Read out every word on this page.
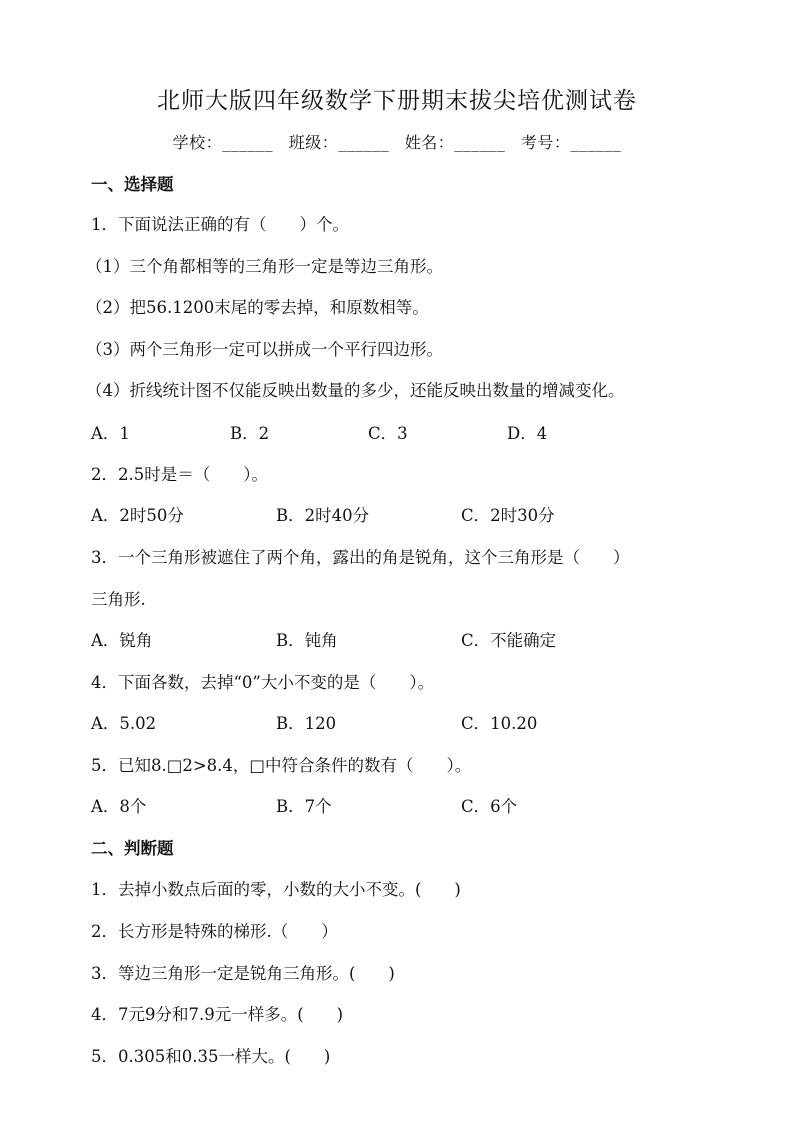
北师大版四年级数学下册期末拔尖培优测试卷
学校：______ 班级：______ 姓名：______ 考号：______
一、选择题
1．下面说法正确的有（　　）个。
（1）三个角都相等的三角形一定是等边三角形。
（2）把56.1200末尾的零去掉，和原数相等。
（3）两个三角形一定可以拼成一个平行四边形。
（4）折线统计图不仅能反映出数量的多少，还能反映出数量的增减变化。
A．1	B．2	C．3	D．4
2．2.5时是＝（　　）。
A．2时50分	B．2时40分	C．2时30分
3．一个三角形被遮住了两个角，露出的角是锐角，这个三角形是（　　）
三角形.
A．锐角	B．钝角	C．不能确定
4．下面各数，去掉“0”大小不变的是（　　）。
A．5.02	B．120	C．10.20
5．已知8.□2>8.4，□中符合条件的数有（　　）。
A．8个	B．7个	C．6个
二、判断题
1．去掉小数点后面的零，小数的大小不变。(　　)
2．长方形是特殊的梯形.（　　）
3．等边三角形一定是锐角三角形。(　　)
4．7元9分和7.9元一样多。(　　)
5．0.305和0.35一样大。(　　)
